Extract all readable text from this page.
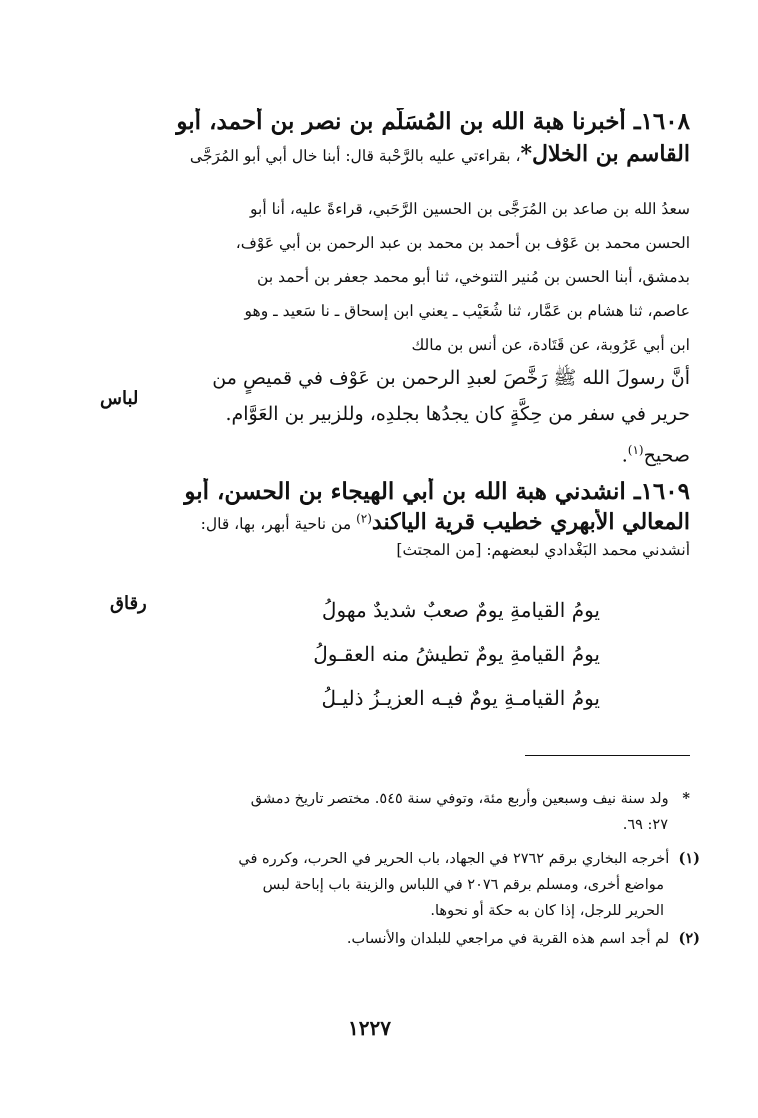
١٦٠٨ـ أخبرنا هبة الله بن المُسَلَّم بن نصر بن أحمد، أبو
القاسم بن الخلال*، بقراءتي عليه بالرَّحْبة قال: أبنا خال أبي أبو المُرَجَّى
سعدُ الله بن صاعد بن المُرَجَّى بن الحسين الرَّحَبي، قراءةً عليه، أنا أبو
الحسن محمد بن عَوْف بن أحمد بن محمد بن عبد الرحمن بن أبي عَوْف،
بدمشق، أبنا الحسن بن مُنير التنوخي، ثنا أبو محمد جعفر بن أحمد بن
عاصم، ثنا هشام بن عَمَّار، ثنا شُعَيْب ـ يعني ابن إسحاق ـ نا سَعيد ـ وهو
ابن أبي عَرُوبة، عن قَتَادة، عن أنس بن مالك
أنَّ رسولَ الله ﷺ رَخَّصَ لعبدِ الرحمن بن عَوْف في قميصٍ من
حرير في سفر من حِكَّةٍ كان يجدُها بجلدِه، وللزبير بن العَوَّام.
صحيح$^{(١)}$.
لباس
١٦٠٩ـ انشدني هبة الله بن أبي الهيجاء بن الحسن، أبو
المعالي الأبهري خطيب قرية الياكند$^{(٢)}$ من ناحية أبهر، بها، قال:
أنشدني محمد البَغْدادي لبعضهم: [من المجتث]
يومُ القيامةِ يومٌ صعبٌ شديدٌ مهولُ
يومُ القيامةِ يومٌ تطيشُ منه العقـولُ
يومُ القيامـةِ يومٌ فيـه العزيـزُ ذليـلُ
رقاق
*   ولد سنة نيف وسبعين وأربع مئة، وتوفي سنة ٥٤٥. مختصر تاريخ دمشق
٢٧: ٦٩.
(١)  أخرجه البخاري برقم ٢٧٦٢ في الجهاد، باب الحرير في الحرب، وكرره في
مواضع أخرى، ومسلم برقم ٢٠٧٦ في اللباس والزينة باب إباحة لبس
الحرير للرجل، إذا كان به حكة أو نحوها.
(٢)  لم أجد اسم هذه القرية في مراجعي للبلدان والأنساب.
١٢٢٧
